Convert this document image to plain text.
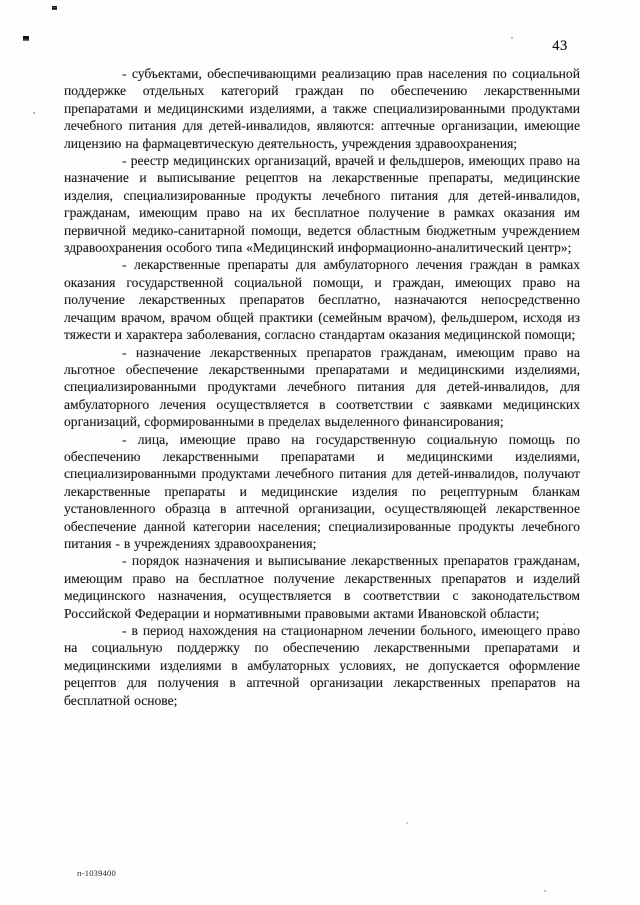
43

- субъектами, обеспечивающими реализацию прав населения по социальной поддержке отдельных категорий граждан по обеспечению лекарственными препаратами и медицинскими изделиями, а также специализированными продуктами лечебного питания для детей-инвалидов, являются: аптечные организации, имеющие лицензию на фармацевтическую деятельность, учреждения здравоохранения;

- реестр медицинских организаций, врачей и фельдшеров, имеющих право на назначение и выписывание рецептов на лекарственные препараты, медицинские изделия, специализированные продукты лечебного питания для детей-инвалидов, гражданам, имеющим право на их бесплатное получение в рамках оказания им первичной медико-санитарной помощи, ведется областным бюджетным учреждением здравоохранения особого типа «Медицинский информационно-аналитический центр»;

- лекарственные препараты для амбулаторного лечения граждан в рамках оказания государственной социальной помощи, и граждан, имеющих право на получение лекарственных препаратов бесплатно, назначаются непосредственно лечащим врачом, врачом общей практики (семейным врачом), фельдшером, исходя из тяжести и характера заболевания, согласно стандартам оказания медицинской помощи;

- назначение лекарственных препаратов гражданам, имеющим право на льготное обеспечение лекарственными препаратами и медицинскими изделиями, специализированными продуктами лечебного питания для детей-инвалидов, для амбулаторного лечения осуществляется в соответствии с заявками медицинских организаций, сформированными в пределах выделенного финансирования;

- лица, имеющие право на государственную социальную помощь по обеспечению лекарственными препаратами и медицинскими изделиями, специализированными продуктами лечебного питания для детей-инвалидов, получают лекарственные препараты и медицинские изделия по рецептурным бланкам установленного образца в аптечной организации, осуществляющей лекарственное обеспечение данной категории населения; специализированные продукты лечебного питания - в учреждениях здравоохранения;

- порядок назначения и выписывание лекарственных препаратов гражданам, имеющим право на бесплатное получение лекарственных препаратов и изделий медицинского назначения, осуществляется в соответствии с законодательством Российской Федерации и нормативными правовыми актами Ивановской области;

- в период нахождения на стационарном лечении больного, имеющего право на социальную поддержку по обеспечению лекарственными препаратами и медицинскими изделиями в амбулаторных условиях, не допускается оформление рецептов для получения в аптечной организации лекарственных препаратов на бесплатной основе;

п-1039400
